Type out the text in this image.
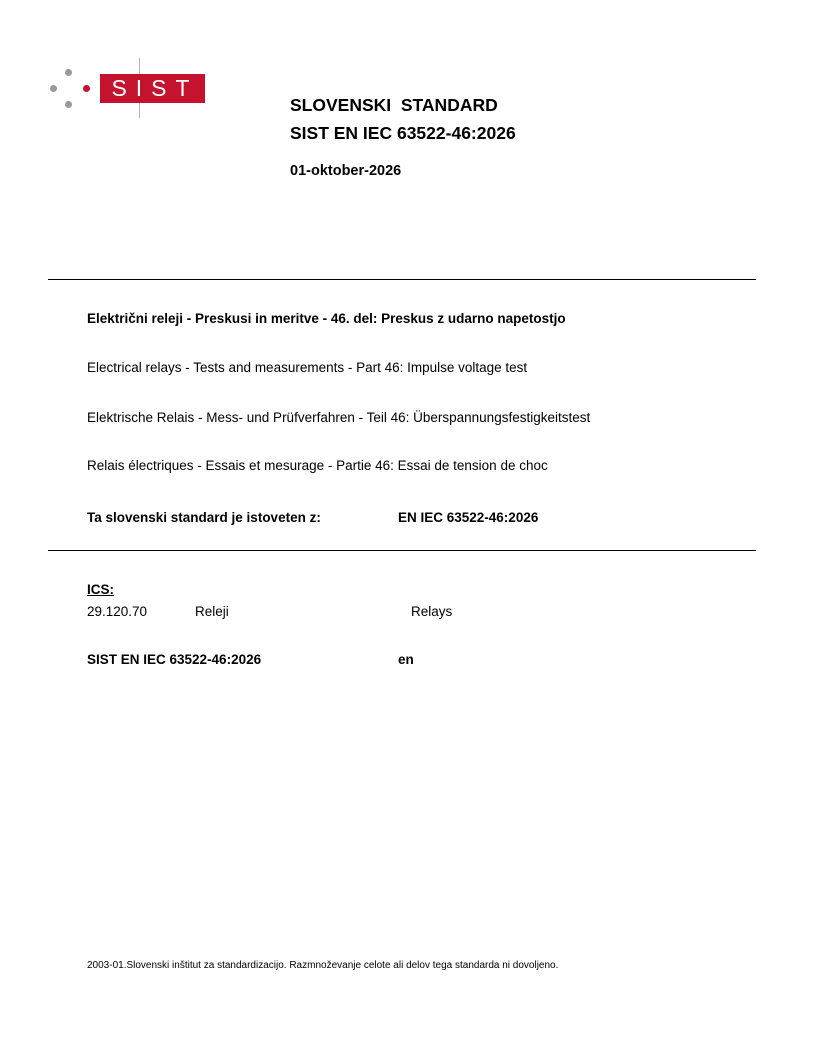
SIST
SLOVENSKI  STANDARD
SIST EN IEC 63522-46:2026
01-oktober-2026
Električni releji - Preskusi in meritve - 46. del: Preskus z udarno napetostjo
Electrical relays - Tests and measurements - Part 46: Impulse voltage test
Elektrische Relais - Mess- und Prüfverfahren - Teil 46: Überspannungsfestigkeitstest
Relais électriques - Essais et mesurage - Partie 46: Essai de tension de choc
Ta slovenski standard je istoveten z:	EN IEC 63522-46:2026
ICS:
29.120.70	Releji	Relays
SIST EN IEC 63522-46:2026	en
2003-01.Slovenski inštitut za standardizacijo. Razmnoževanje celote ali delov tega standarda ni dovoljeno.
